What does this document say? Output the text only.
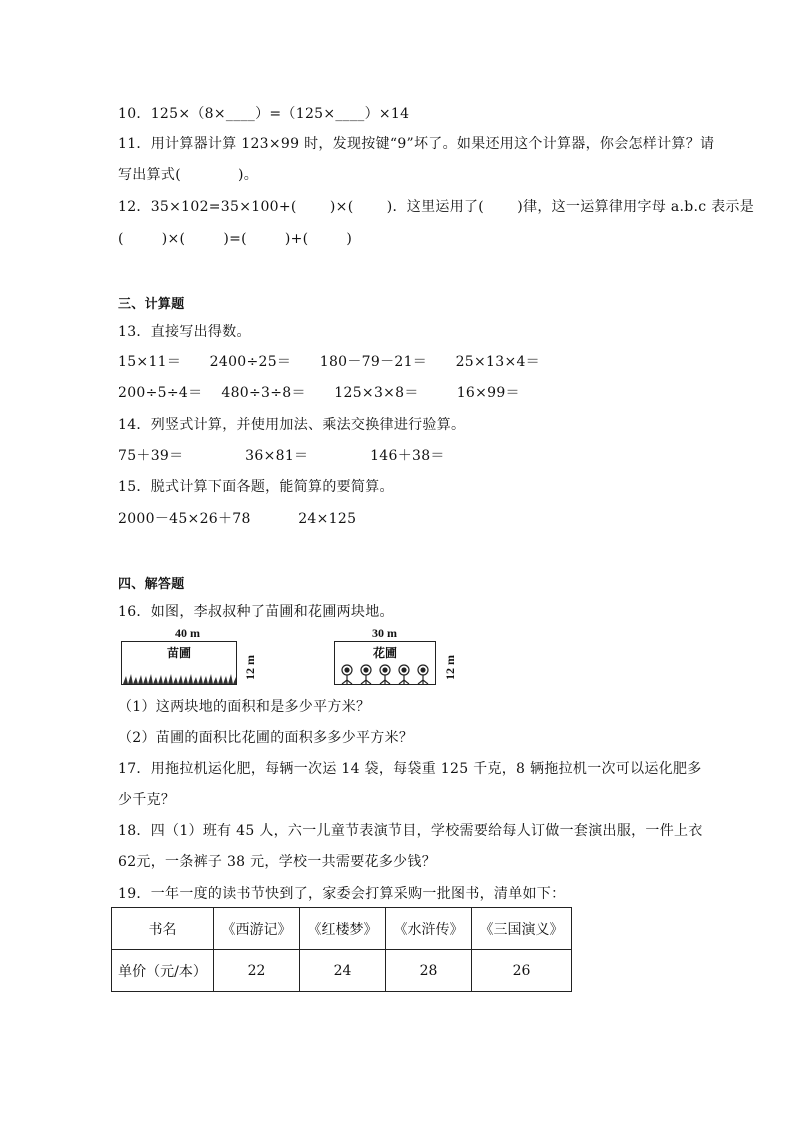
10．125×（8×____）=（125×____）×14
11．用计算器计算 123×99 时，发现按键“9”坏了。如果还用这个计算器，你会怎样计算？请
写出算式(            )。
12．35×102=35×100+(       )×(       )．这里运用了(       )律，这一运算律用字母 a.b.c 表示是
(        )×(        )=(        )+(        )
三、计算题
13．直接写出得数。
15×11＝      2400÷25＝      180－79－21＝      25×13×4＝
200÷5÷4＝    480÷3÷8＝      125×3×8＝        16×99＝
14．列竖式计算，并使用加法、乘法交换律进行验算。
75＋39＝             36×81＝             146＋38＝
15．脱式计算下面各题，能简算的要简算。
2000－45×26＋78          24×125
四、解答题
16．如图，李叔叔种了苗圃和花圃两块地。
40 m
苗圃
12 m
30 m
花圃
12 m
（1）这两块地的面积和是多少平方米？
（2）苗圃的面积比花圃的面积多多少平方米？
17．用拖拉机运化肥，每辆一次运 14 袋，每袋重 125 千克，8 辆拖拉机一次可以运化肥多
少千克？
18．四（1）班有 45 人，六一儿童节表演节目，学校需要给每人订做一套演出服，一件上衣
62元，一条裤子 38 元，学校一共需要花多少钱？
19．一年一度的读书节快到了，家委会打算采购一批图书，清单如下：
书名	《西游记》	《红楼梦》	《水浒传》	《三国演义》
单价（元/本）	22	24	28	26
